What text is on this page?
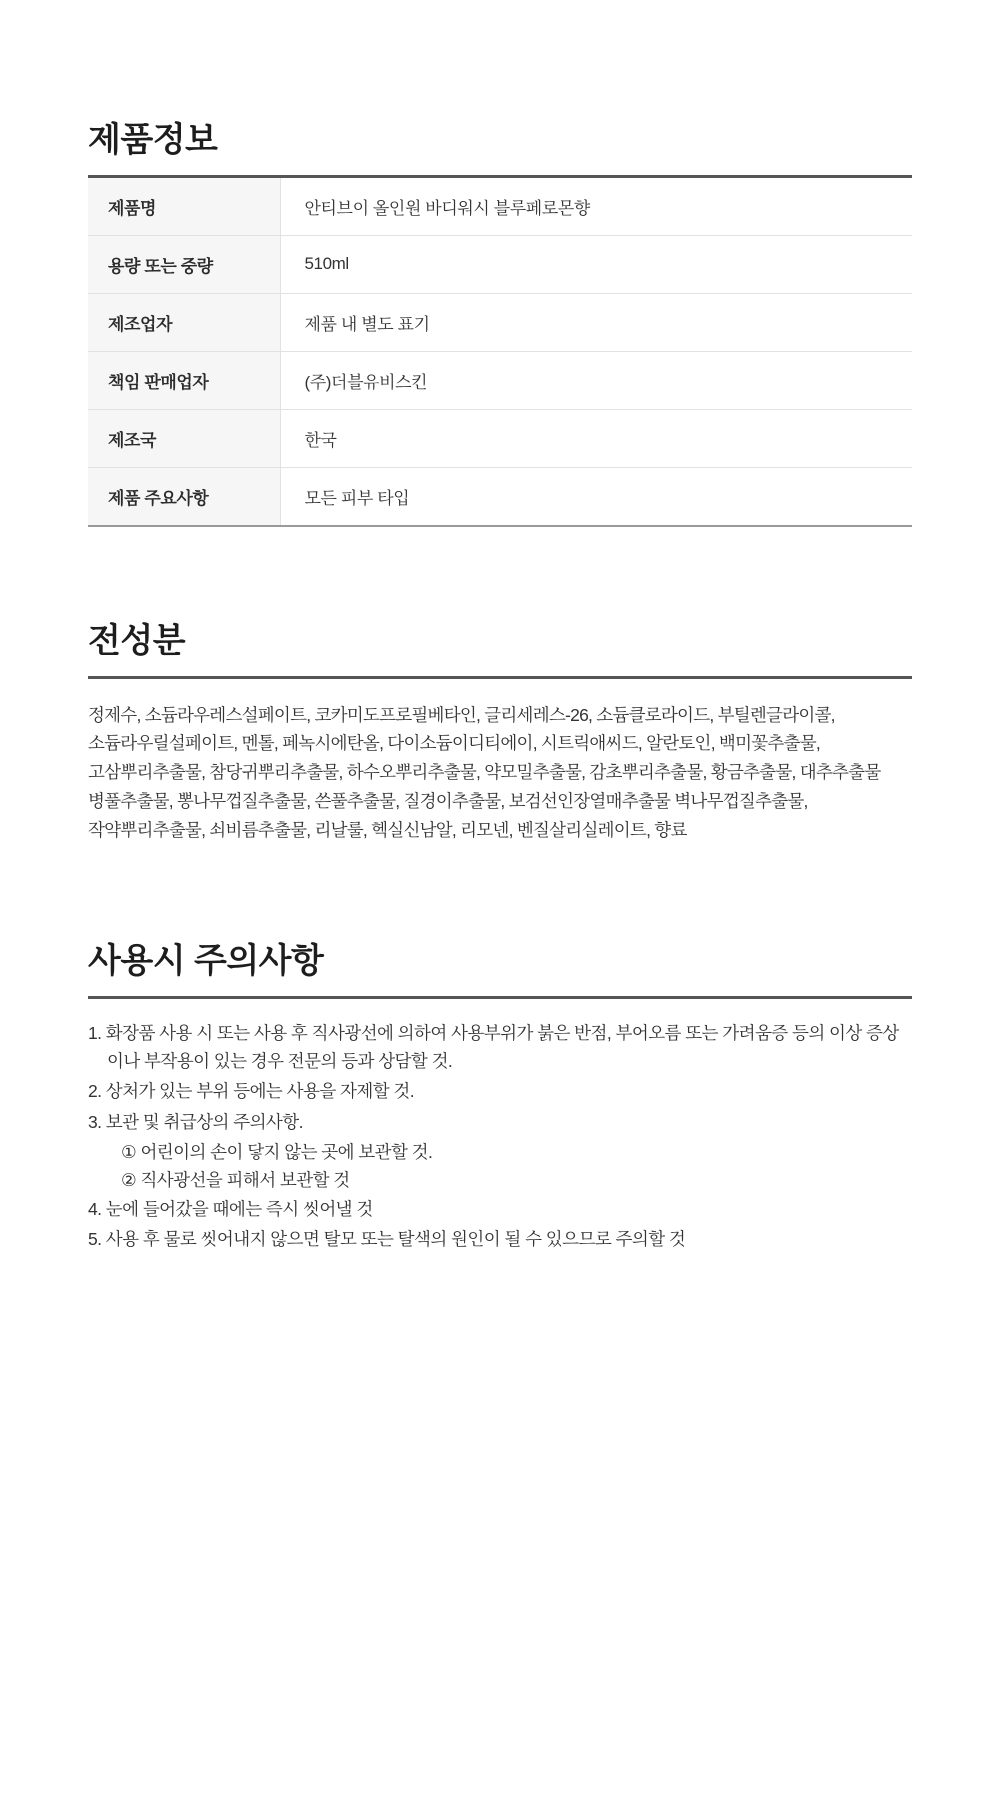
제품정보
제품명	안티브이 올인원 바디워시 블루페로몬향
용량 또는 중량	510ml
제조업자	제품 내 별도 표기
책임 판매업자	(주)더블유비스킨
제조국	한국
제품 주요사항	모든 피부 타입
전성분

정제수, 소듐라우레스설페이트, 코카미도프로필베타인, 글리세레스-26, 소듐클로라이드, 부틸렌글라이콜, 소듐라우릴설페이트, 멘톨, 페녹시에탄올, 다이소듐이디티에이, 시트릭애씨드, 알란토인, 백미꽃추출물, 고삼뿌리추출물, 참당귀뿌리추출물, 하수오뿌리추출물, 약모밀추출물, 감초뿌리추출물, 황금추출물, 대추추출물 병풀추출물, 뽕나무껍질추출물, 쓴풀추출물, 질경이추출물, 보검선인장열매추출물 벽나무껍질추출물, 작약뿌리추출물, 쇠비름추출물, 리날룰, 헥실신남알, 리모넨, 벤질살리실레이트, 향료

사용시 주의사항

1. 화장품 사용 시 또는 사용 후 직사광선에 의하여 사용부위가 붉은 반점, 부어오름 또는 가려움증 등의 이상 증상이나 부작용이 있는 경우 전문의 등과 상담할 것.

2. 상처가 있는 부위 등에는 사용을 자제할 것.

3. 보관 및 취급상의 주의사항.

① 어린이의 손이 닿지 않는 곳에 보관할 것.

② 직사광선을 피해서 보관할 것

4. 눈에 들어갔을 때에는 즉시 씻어낼 것

5. 사용 후 물로 씻어내지 않으면 탈모 또는 탈색의 원인이 될 수 있으므로 주의할 것
